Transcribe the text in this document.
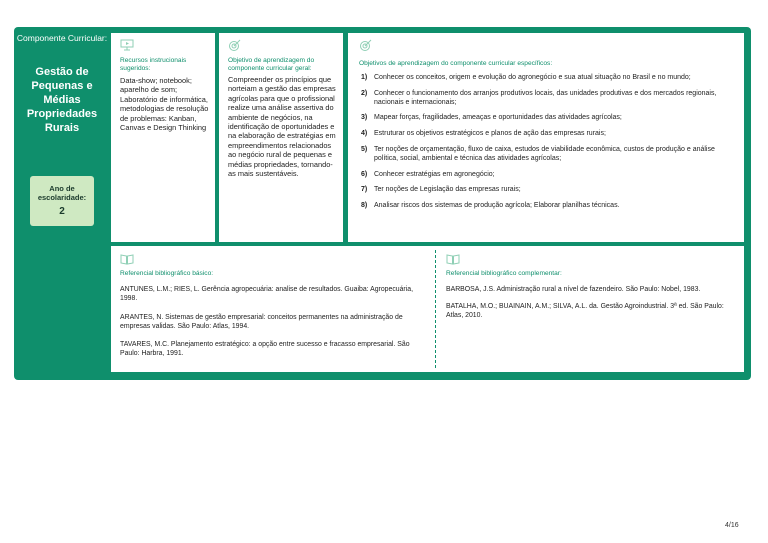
Componente Curricular:
Gestão de Pequenas e Médias Propriedades Rurais
Ano de escolaridade:
2
Recursos instrucionais sugeridos:
Data-show; notebook; aparelho de som; Laboratório de informática, metodologias de resolução de problemas: Kanban, Canvas e Design Thinking
Objetivo de aprendizagem do componente curricular geral:
Compreender os princípios que norteiam a gestão das empresas agrícolas para que o profissional realize uma análise assertiva do ambiente de negócios, na identificação de oportunidades e na elaboração de estratégias em empreendimentos relacionados ao negócio rural de pequenas e médias propriedades, tornando-as mais sustentáveis.
Objetivos de aprendizagem do componente curricular específicos:
1) Conhecer os conceitos, origem e evolução do agronegócio e sua atual situação no Brasil e no mundo;
2) Conhecer o funcionamento dos arranjos produtivos locais, das unidades produtivas e dos mercados regionais, nacionais e internacionais;
3) Mapear forças, fragilidades, ameaças e oportunidades das atividades agrícolas;
4) Estruturar os objetivos estratégicos e planos de ação das empresas rurais;
5) Ter noções de orçamentação, fluxo de caixa, estudos de viabilidade econômica, custos de produção e análise política, social, ambiental e técnica das atividades agrícolas;
6) Conhecer estratégias em agronegócio;
7) Ter noções de Legislação das empresas rurais;
8) Analisar riscos dos sistemas de produção agrícola; Elaborar planilhas técnicas.
Referencial bibliográfico básico:
ANTUNES, L.M.; RIES, L. Gerência agropecuária: analise de resultados. Guaiba: Agropecuária, 1998.
ARANTES, N. Sistemas de gestão empresarial: conceitos permanentes na administração de empresas validas. São Paulo: Atlas, 1994.
TAVARES, M.C. Planejamento estratégico: a opção entre sucesso e fracasso empresarial. São Paulo: Harbra, 1991.
Referencial bibliográfico complementar:
BARBOSA, J.S. Administração rural a nível de fazendeiro. São Paulo: Nobel, 1983.
BATALHA, M.O.; BUAINAIN, A.M.; SILVA, A.L. da. Gestão Agroindustrial. 3ª ed. São Paulo: Atlas, 2010.
4/16
